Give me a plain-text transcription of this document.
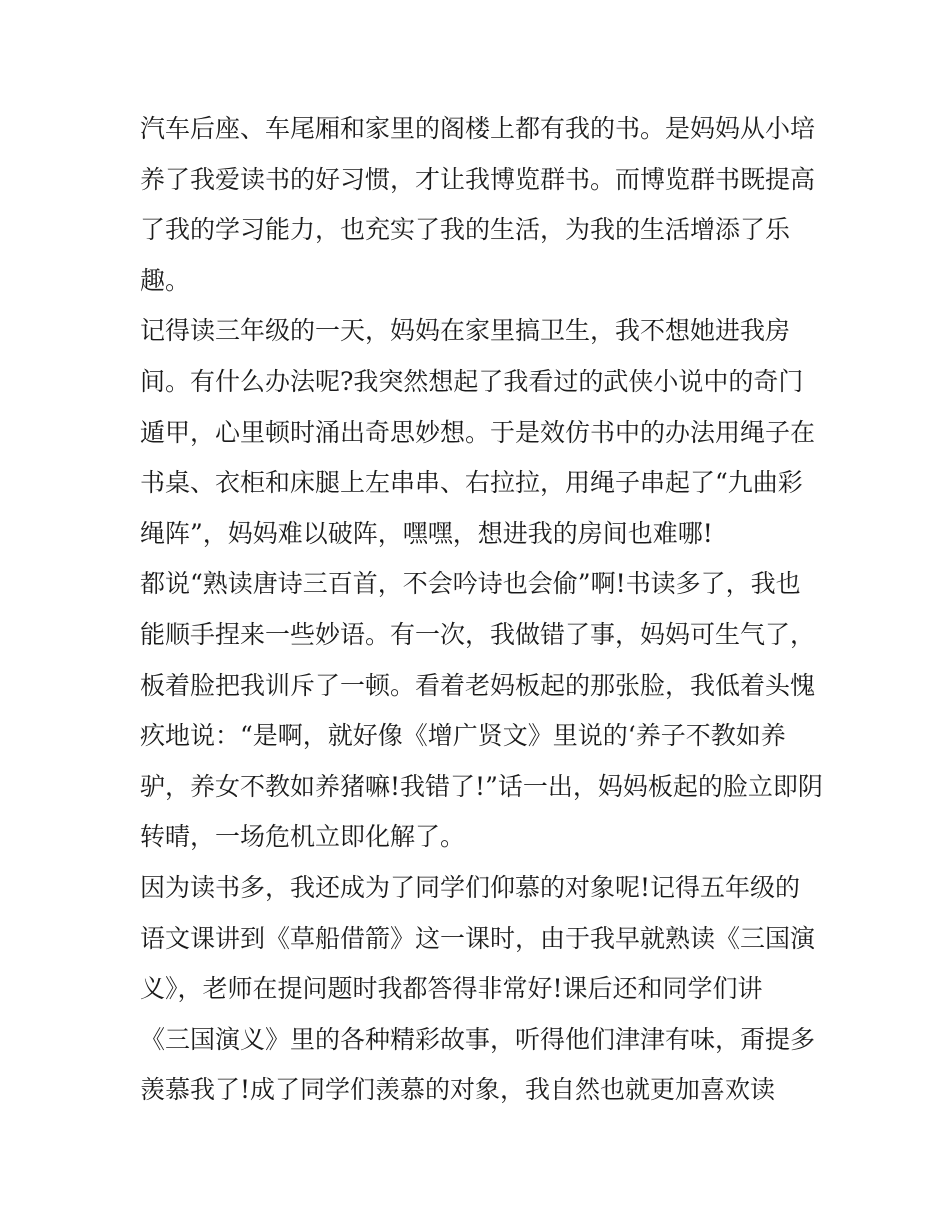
汽车后座、车尾厢和家里的阁楼上都有我的书。是妈妈从小培
养了我爱读书的好习惯，才让我博览群书。而博览群书既提高
了我的学习能力，也充实了我的生活，为我的生活增添了乐
趣。
记得读三年级的一天，妈妈在家里搞卫生，我不想她进我房
间。有什么办法呢?我突然想起了我看过的武侠小说中的奇门
遁甲，心里顿时涌出奇思妙想。于是效仿书中的办法用绳子在
书桌、衣柜和床腿上左串串、右拉拉，用绳子串起了“九曲彩
绳阵”，妈妈难以破阵，嘿嘿，想进我的房间也难哪!
都说“熟读唐诗三百首，不会吟诗也会偷”啊!书读多了，我也
能顺手捏来一些妙语。有一次，我做错了事，妈妈可生气了，
板着脸把我训斥了一顿。看着老妈板起的那张脸，我低着头愧
疚地说：“是啊，就好像《增广贤文》里说的‘养子不教如养
驴，养女不教如养猪嘛!我错了!”话一出，妈妈板起的脸立即阴
转晴，一场危机立即化解了。
因为读书多，我还成为了同学们仰慕的对象呢!记得五年级的
语文课讲到《草船借箭》这一课时，由于我早就熟读《三国演
义》，老师在提问题时我都答得非常好!课后还和同学们讲
《三国演义》里的各种精彩故事，听得他们津津有味，甭提多
羡慕我了!成了同学们羡慕的对象，我自然也就更加喜欢读
